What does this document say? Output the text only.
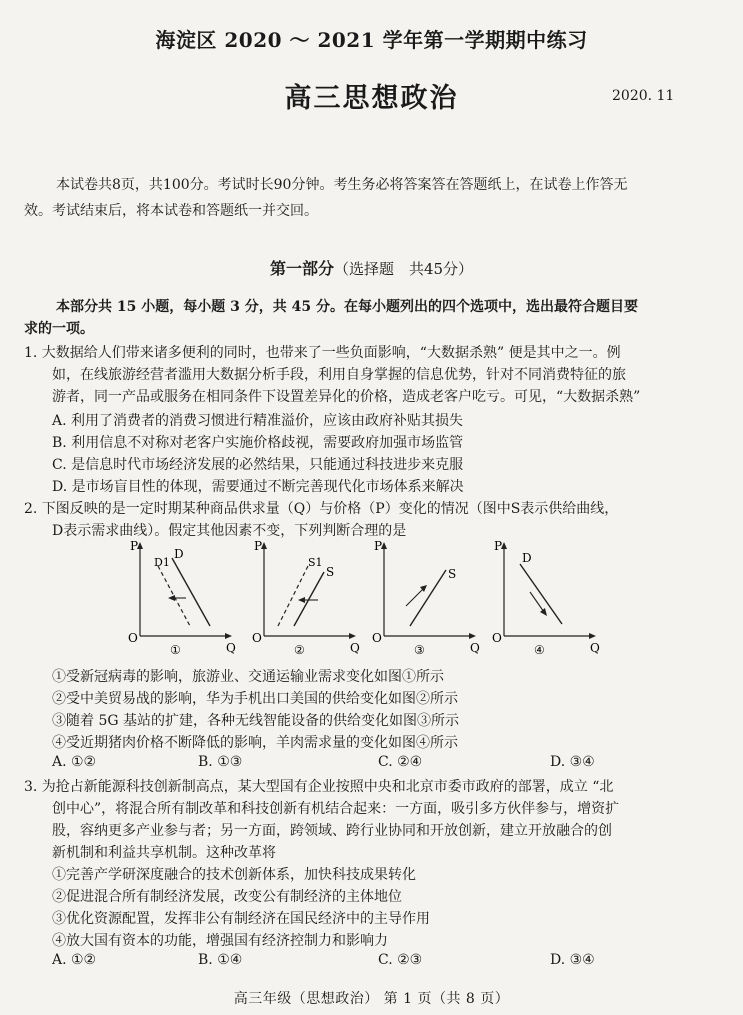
海淀区 2020 ～ 2021 学年第一学期期中练习
高三思想政治	2020. 11
本试卷共8页，共100分。考试时长90分钟。考生务必将答案答在答题纸上，在试卷上作答无
效。考试结束后，将本试卷和答题纸一并交回。
第一部分（选择题　共45分）
本部分共 15 小题，每小题 3 分，共 45 分。在每小题列出的四个选项中，选出最符合题目要
求的一项。
1. 大数据给人们带来诸多便利的同时，也带来了一些负面影响，“大数据杀熟” 便是其中之一。例
如，在线旅游经营者滥用大数据分析手段，利用自身掌握的信息优势，针对不同消费特征的旅
游者，同一产品或服务在相同条件下设置差异化的价格，造成老客户吃亏。可见，“大数据杀熟”
A. 利用了消费者的消费习惯进行精准溢价，应该由政府补贴其损失
B. 利用信息不对称对老客户实施价格歧视，需要政府加强市场监管
C. 是信息时代市场经济发展的必然结果，只能通过科技进步来克服
D. 是市场盲目性的体现，需要通过不断完善现代化市场体系来解决
2. 下图反映的是一定时期某种商品供求量（Q）与价格（P）变化的情况（图中S表示供给曲线，
D表示需求曲线）。假定其他因素不变，下列判断合理的是
P
Q
O
D
D1
①
P
Q
O
S
S1
②
P
Q
O
S
③
P
Q
O
D
④
①受新冠病毒的影响，旅游业、交通运输业需求变化如图①所示
②受中美贸易战的影响，华为手机出口美国的供给变化如图②所示
③随着 5G 基站的扩建，各种无线智能设备的供给变化如图③所示
④受近期猪肉价格不断降低的影响，羊肉需求量的变化如图④所示
A. ①②	B. ①③	C. ②④	D. ③④
3. 为抢占新能源科技创新制高点，某大型国有企业按照中央和北京市委市政府的部署，成立 “北
创中心”，将混合所有制改革和科技创新有机结合起来：一方面，吸引多方伙伴参与，增资扩
股，容纳更多产业参与者；另一方面，跨领域、跨行业协同和开放创新，建立开放融合的创
新机制和利益共享机制。这种改革将
①完善产学研深度融合的技术创新体系，加快科技成果转化
②促进混合所有制经济发展，改变公有制经济的主体地位
③优化资源配置，发挥非公有制经济在国民经济中的主导作用
④放大国有资本的功能，增强国有经济控制力和影响力
A. ①②	B. ①④	C. ②③	D. ③④
高三年级（思想政治） 第 1 页（共 8 页）
